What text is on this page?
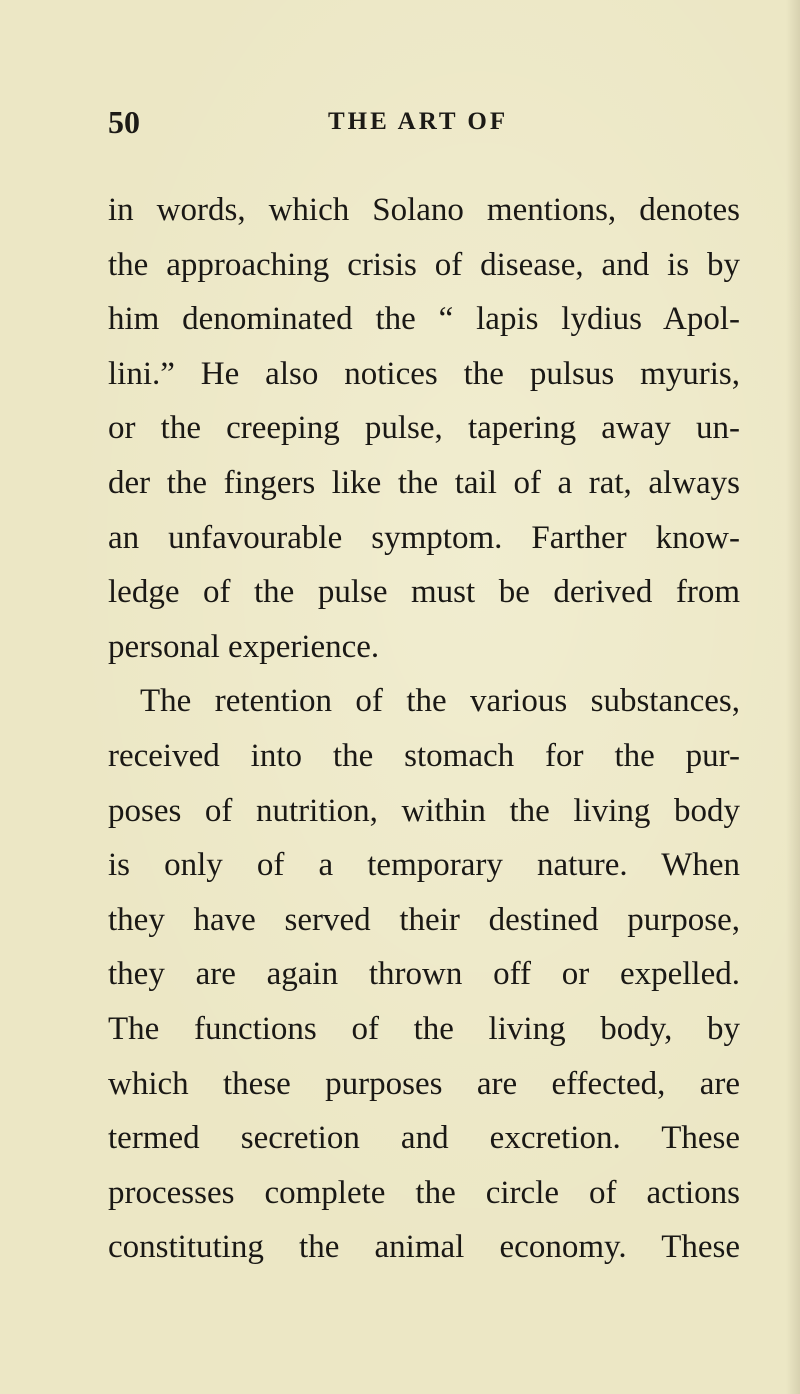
50	THE ART OF
in words, which Solano mentions, denotes
the approaching crisis of disease, and is by
him denominated the “ lapis lydius Apol-
lini.” He also notices the pulsus myuris,
or the creeping pulse, tapering away un-
der the fingers like the tail of a rat, always
an unfavourable symptom. Farther know-
ledge of the pulse must be derived from
personal experience.
The retention of the various substances,
received into the stomach for the pur-
poses of nutrition, within the living body
is only of a temporary nature. When
they have served their destined purpose,
they are again thrown off or expelled.
The functions of the living body, by
which these purposes are effected, are
termed secretion and excretion. These
processes complete the circle of actions
constituting the animal economy. These
